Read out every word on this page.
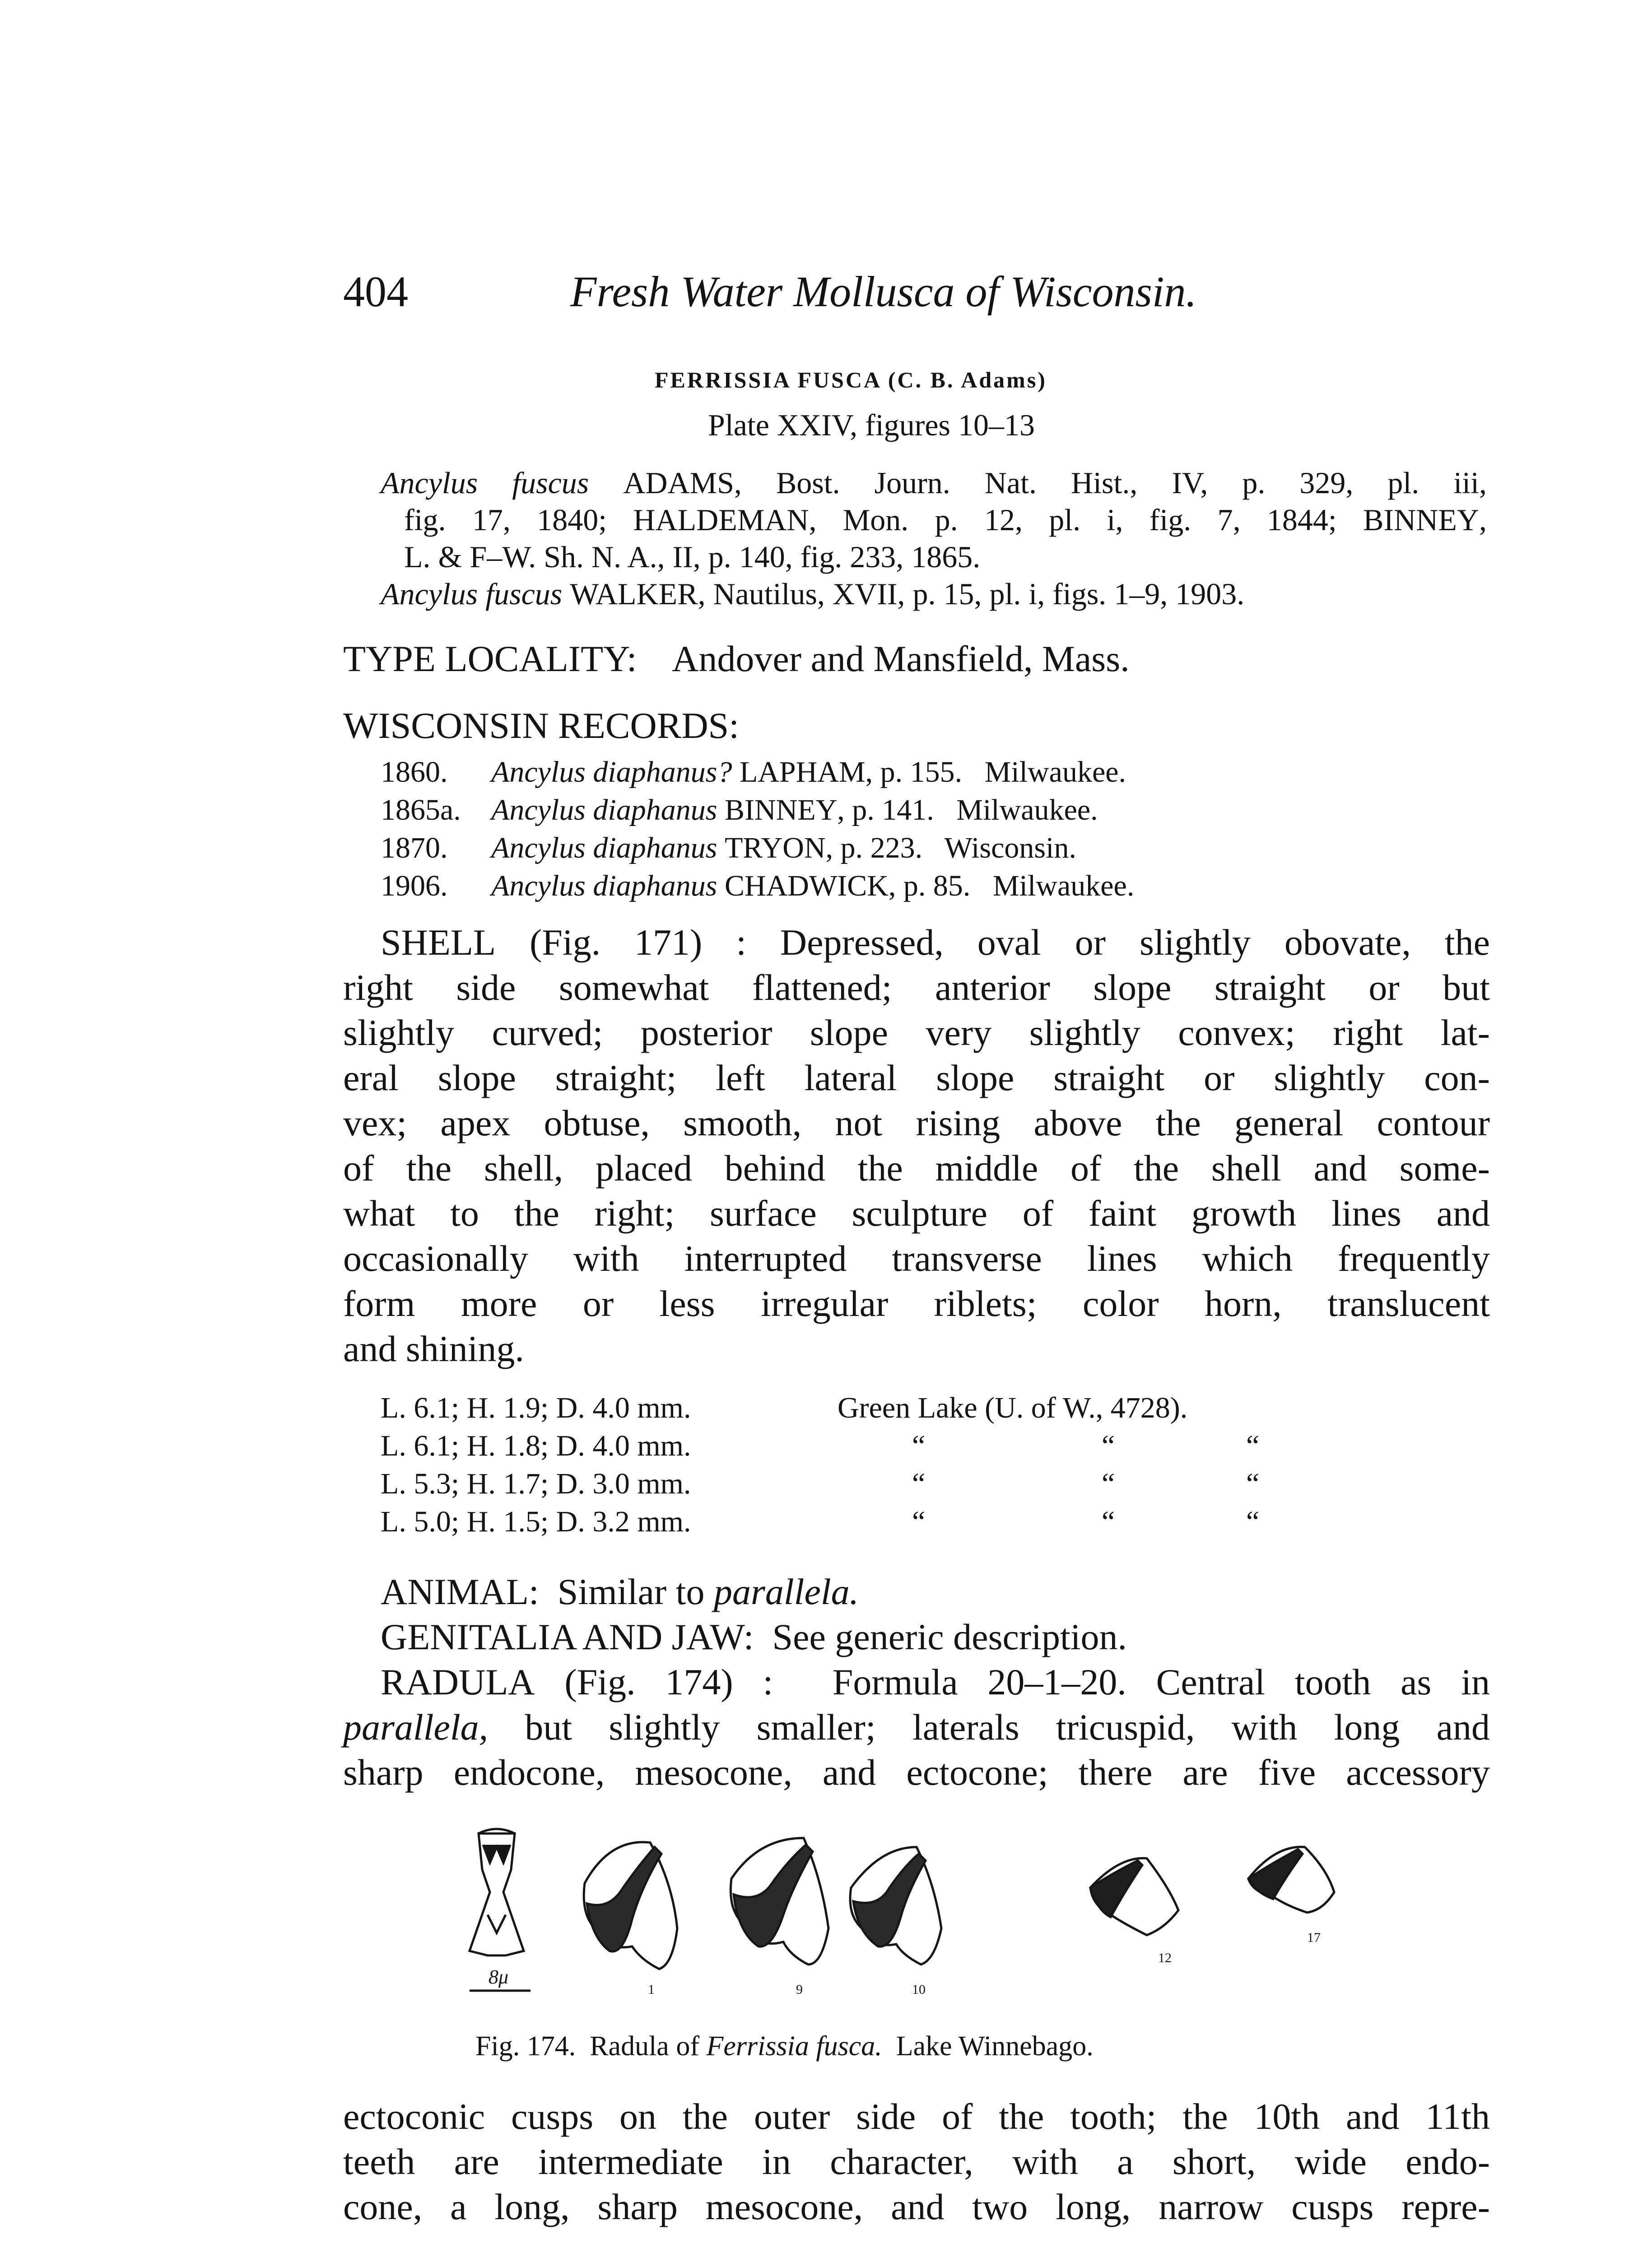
404	Fresh Water Mollusca of Wisconsin.
FERRISSIA FUSCA (C. B. Adams)
Plate XXIV, figures 10–13
Ancylus fuscus ADAMS, Bost. Journ. Nat. Hist., IV, p. 329, pl. iii,
fig. 17, 1840; HALDEMAN, Mon. p. 12, pl. i, fig. 7, 1844; BINNEY,
L. & F–W. Sh. N. A., II, p. 140, fig. 233, 1865.
Ancylus fuscus WALKER, Nautilus, XVII, p. 15, pl. i, figs. 1–9, 1903.
TYPE LOCALITY: Andover and Mansfield, Mass.
WISCONSIN RECORDS:
1860. Ancylus diaphanus? LAPHAM, p. 155. Milwaukee.
1865a. Ancylus diaphanus BINNEY, p. 141. Milwaukee.
1870. Ancylus diaphanus TRYON, p. 223. Wisconsin.
1906. Ancylus diaphanus CHADWICK, p. 85. Milwaukee.
SHELL (Fig. 171) : Depressed, oval or slightly obovate, the
right side somewhat flattened; anterior slope straight or but
slightly curved; posterior slope very slightly convex; right lat-
eral slope straight; left lateral slope straight or slightly con-
vex; apex obtuse, smooth, not rising above the general contour
of the shell, placed behind the middle of the shell and some-
what to the right; surface sculpture of faint growth lines and
occasionally with interrupted transverse lines which frequently
form more or less irregular riblets; color horn, translucent
and shining.
L. 6.1; H. 1.9; D. 4.0 mm.	Green Lake (U. of W., 4728).
L. 6.1; H. 1.8; D. 4.0 mm.	“	“	“
L. 5.3; H. 1.7; D. 3.0 mm.	“	“	“
L. 5.0; H. 1.5; D. 3.2 mm.	“	“	“
ANIMAL: Similar to parallela.
GENITALIA AND JAW: See generic description.
RADULA (Fig. 174) : Formula 20–1–20. Central tooth as in
parallela, but slightly smaller; laterals tricuspid, with long and
sharp endocone, mesocone, and ectocone; there are five accessory
8μ
1	9	10
12
17
Fig. 174.  Radula of Ferrissia fusca.  Lake Winnebago.
ectoconic cusps on the outer side of the tooth; the 10th and 11th
teeth are intermediate in character, with a short, wide endo-
cone, a long, sharp mesocone, and two long, narrow cusps repre-
